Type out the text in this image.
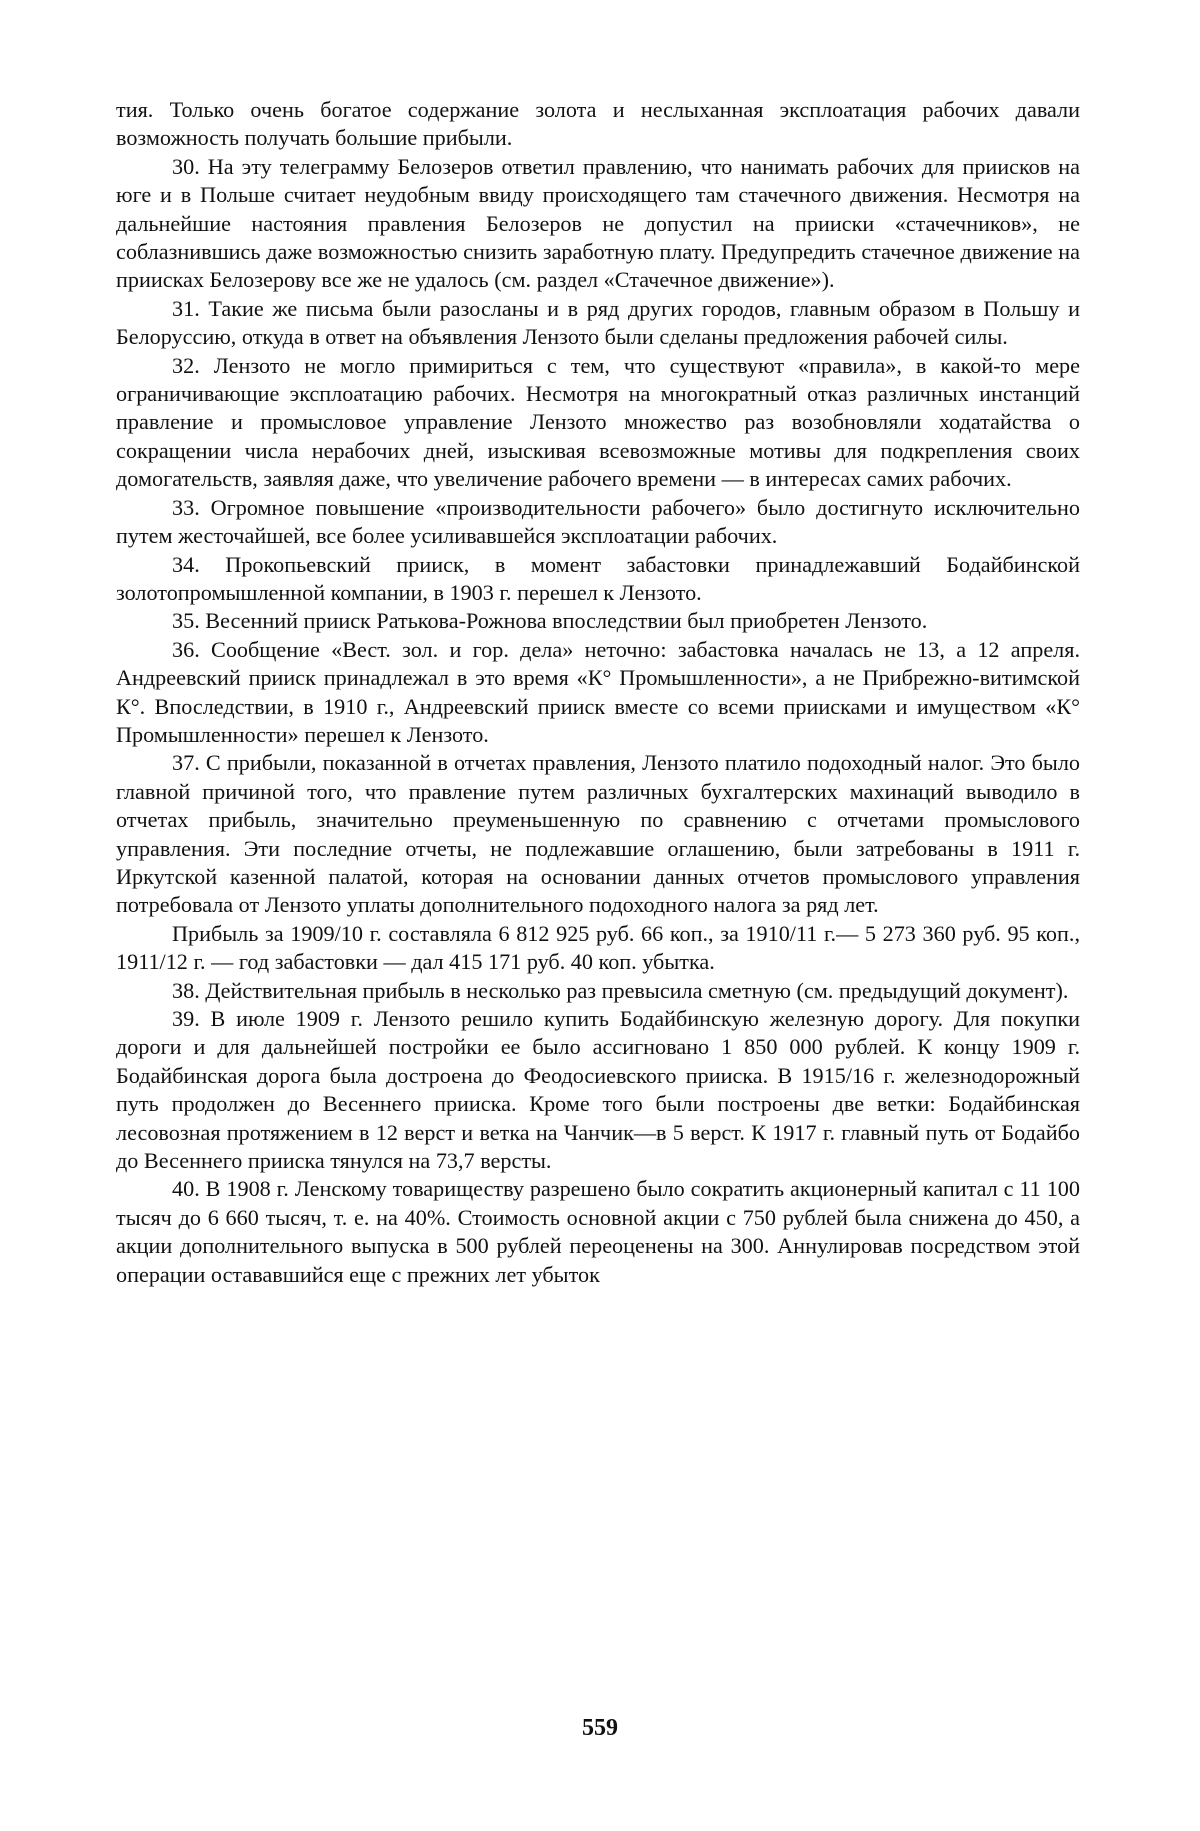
тия. Только очень богатое содержание золота и неслыханная эксплоатация рабочих давали возможность получать большие прибыли.

30. На эту телеграмму Белозеров ответил правлению, что нанимать рабочих для приисков на юге и в Польше считает неудобным ввиду происходящего там стачечного движения. Несмотря на дальнейшие настояния правления Белозеров не допустил на прииски «стачечников», не соблазнившись даже возможностью снизить заработную плату. Предупредить стачечное движение на приисках Белозерову все же не удалось (см. раздел «Стачечное движение»).

31. Такие же письма были разосланы и в ряд других городов, главным образом в Польшу и Белоруссию, откуда в ответ на объявления Лензото были сделаны предложения рабочей силы.

32. Лензото не могло примириться с тем, что существуют «правила», в какой-то мере ограничивающие эксплоатацию рабочих. Несмотря на многократный отказ различных инстанций правление и промысловое управление Лензото множество раз возобновляли ходатайства о сокращении числа нерабочих дней, изыскивая всевозможные мотивы для подкрепления своих домогательств, заявляя даже, что увеличение рабочего времени — в интересах самих рабочих.

33. Огромное повышение «производительности рабочего» было достигнуто исключительно путем жесточайшей, все более усиливавшейся эксплоатации рабочих.

34. Прокопьевский прииск, в момент забастовки принадлежавший Бодайбинской золотопромышленной компании, в 1903 г. перешел к Лензото.

35. Весенний прииск Ратькова-Рожнова впоследствии был приобретен Лензото.

36. Сообщение «Вест. зол. и гор. дела» неточно: забастовка началась не 13, а 12 апреля. Андреевский прииск принадлежал в это время «К° Промышленности», а не Прибрежно-витимской К°. Впоследствии, в 1910 г., Андреевский прииск вместе со всеми приисками и имуществом «К° Промышленности» перешел к Лензото.

37. С прибыли, показанной в отчетах правления, Лензото платило подоходный налог. Это было главной причиной того, что правление путем различных бухгалтерских махинаций выводило в отчетах прибыль, значительно преуменьшенную по сравнению с отчетами промыслового управления. Эти последние отчеты, не подлежавшие оглашению, были затребованы в 1911 г. Иркутской казенной палатой, которая на основании данных отчетов промыслового управления потребовала от Лензото уплаты дополнительного подоходного налога за ряд лет.

Прибыль за 1909/10 г. составляла 6 812 925 руб. 66 коп., за 1910/11 г.— 5 273 360 руб. 95 коп., 1911/12 г. — год забастовки — дал 415 171 руб. 40 коп. убытка.

38. Действительная прибыль в несколько раз превысила сметную (см. предыдущий документ).

39. В июле 1909 г. Лензото решило купить Бодайбинскую железную дорогу. Для покупки дороги и для дальнейшей постройки ее было ассигновано 1 850 000 рублей. К концу 1909 г. Бодайбинская дорога была достроена до Феодосиевского прииска. В 1915/16 г. железнодорожный путь продолжен до Весеннего прииска. Кроме того были построены две ветки: Бодайбинская лесовозная протяжением в 12 верст и ветка на Чанчик—в 5 верст. К 1917 г. главный путь от Бодайбо до Весеннего прииска тянулся на 73,7 версты.

40. В 1908 г. Ленскому товариществу разрешено было сократить акционерный капитал с 11 100 тысяч до 6 660 тысяч, т. е. на 40%. Стоимость основной акции с 750 рублей была снижена до 450, а акции дополнительного выпуска в 500 рублей переоценены на 300. Аннулировав посредством этой операции остававшийся еще с прежних лет убыток

559
